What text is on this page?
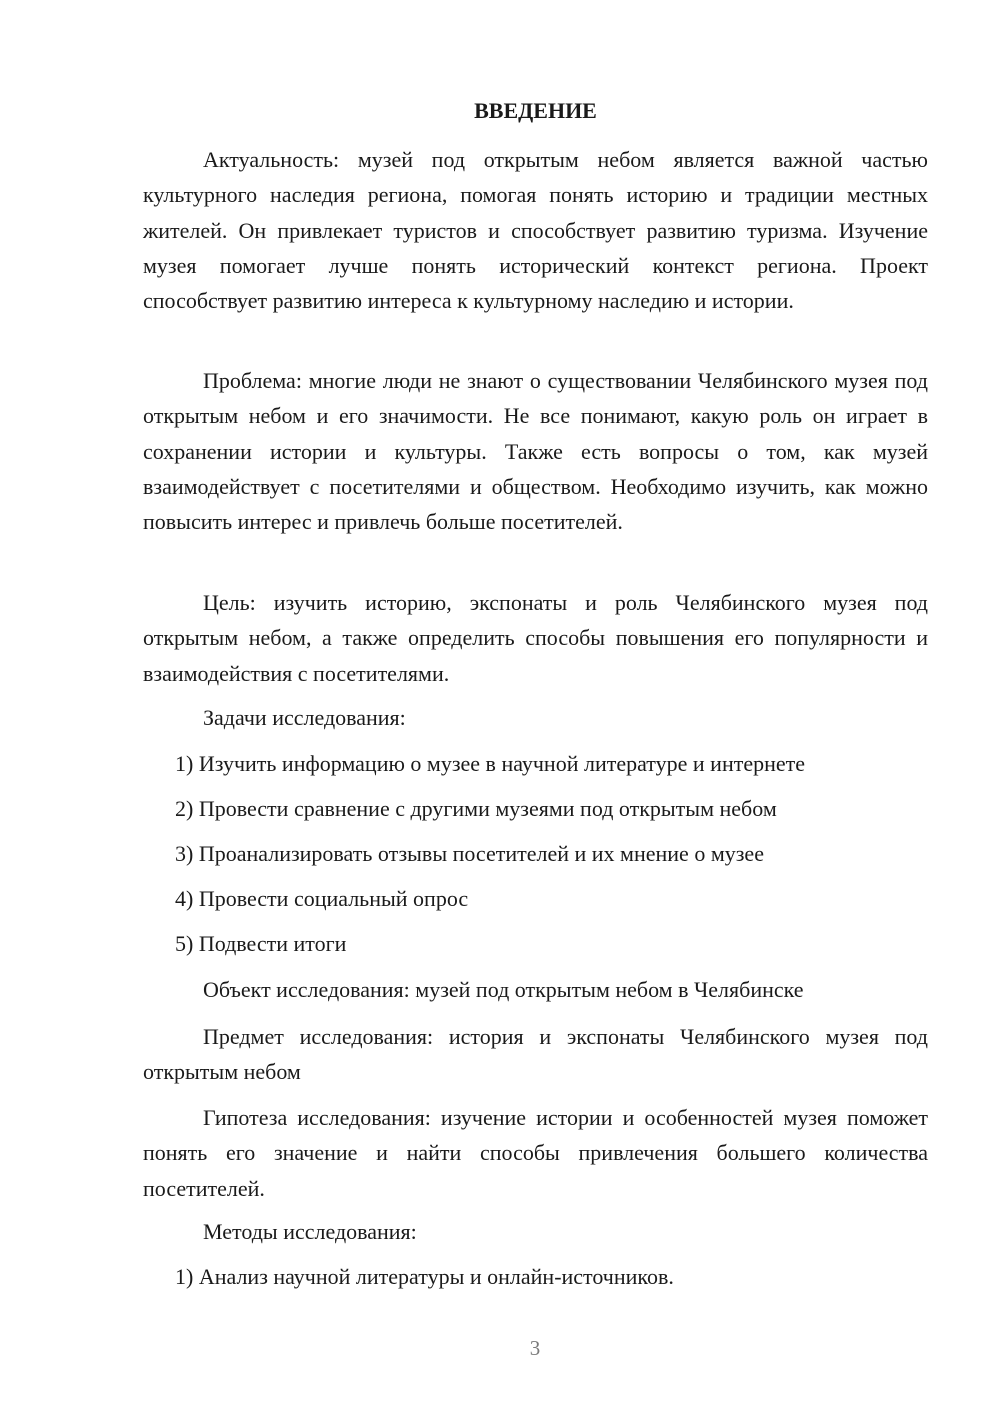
ВВЕДЕНИЕ

Актуальность: музей под открытым небом является важной частью культурного наследия региона, помогая понять историю и традиции местных жителей. Он привлекает туристов и способствует развитию туризма. Изучение музея помогает лучше понять исторический контекст региона. Проект способствует развитию интереса к культурному наследию и истории.

Проблема: многие люди не знают о существовании Челябинского музея под открытым небом и его значимости. Не все понимают, какую роль он играет в сохранении истории и культуры. Также есть вопросы о том, как музей взаимодействует с посетителями и обществом. Необходимо изучить, как можно повысить интерес и привлечь больше посетителей.

Цель: изучить историю, экспонаты и роль Челябинского музея под открытым небом, а также определить способы повышения его популярности и взаимодействия с посетителями.

Задачи исследования:

1) Изучить информацию о музее в научной литературе и интернете

2) Провести сравнение с другими музеями под открытым небом

3) Проанализировать отзывы посетителей и их мнение о музее

4) Провести социальный опрос

5) Подвести итоги

Объект исследования: музей под открытым небом в Челябинске

Предмет исследования: история и экспонаты Челябинского музея под открытым небом

Гипотеза исследования: изучение истории и особенностей музея поможет понять его значение и найти способы привлечения большего количества посетителей.

Методы исследования:

1) Анализ научной литературы и онлайн-источников.

3
